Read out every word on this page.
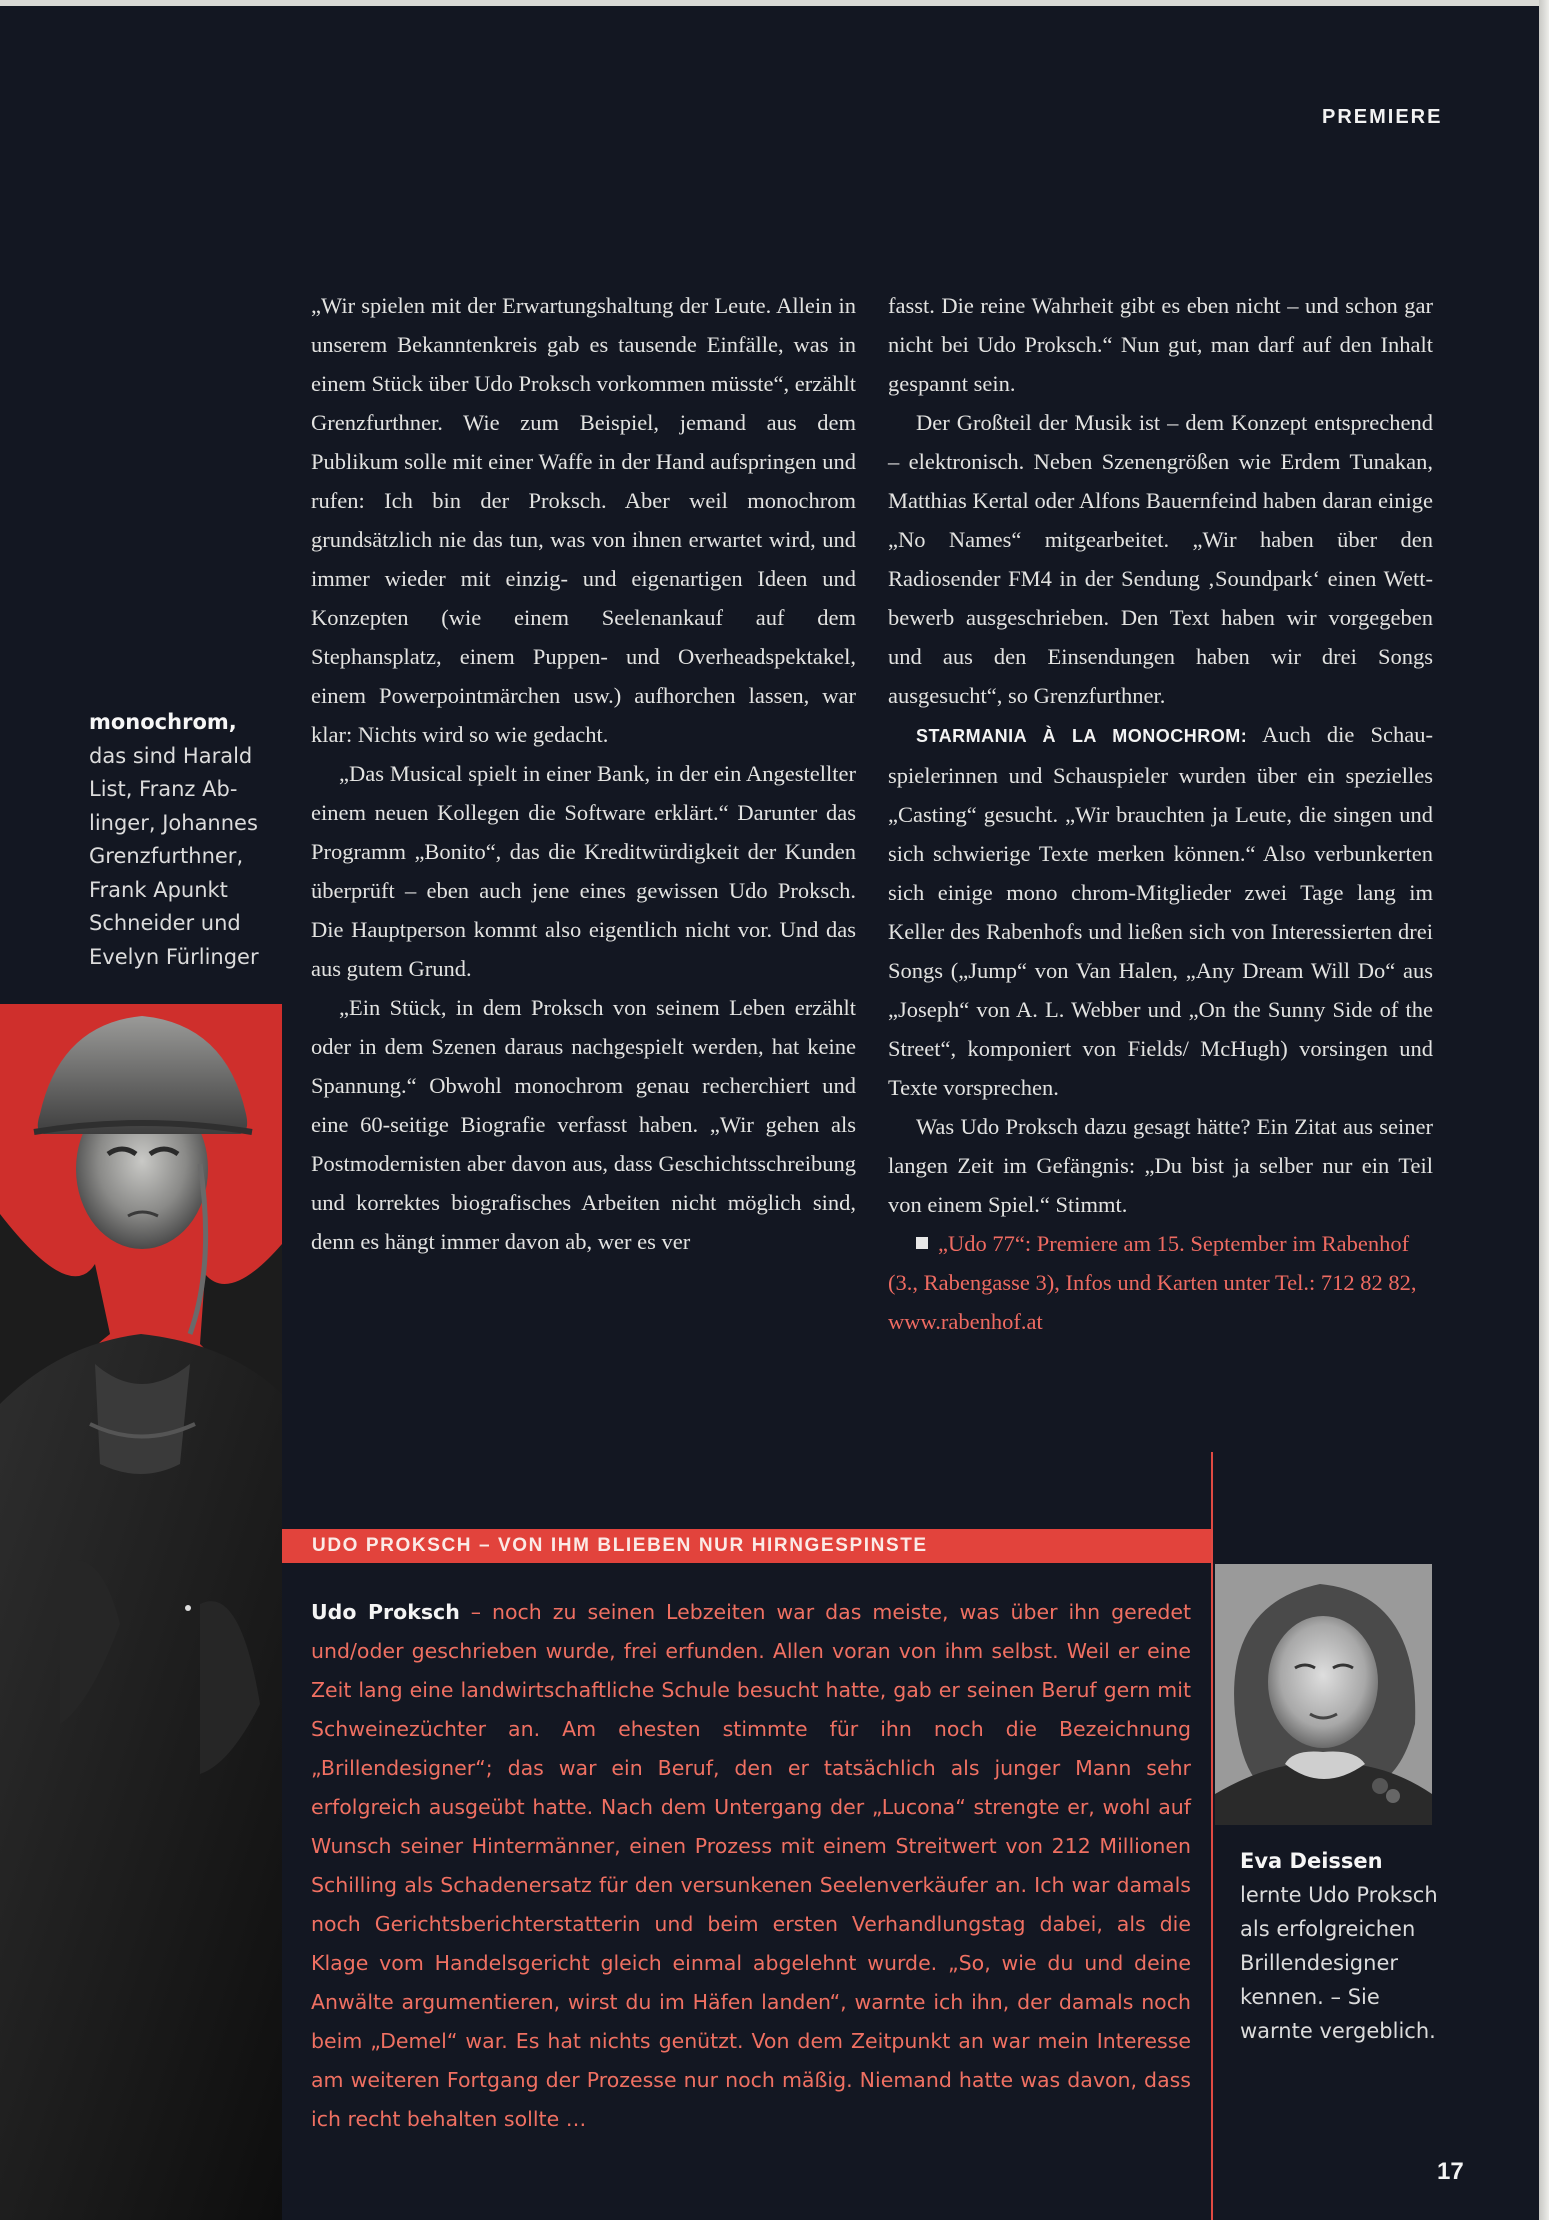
PREMIERE

„Wir spielen mit der Erwartungshaltung der Leute. Allein in unserem Bekanntenkreis gab es tausende Einfälle, was in einem Stück über Udo Proksch vorkommen müsste“, erzählt Grenzfurthner. Wie zum Beispiel, jemand aus dem Publikum solle mit einer Waffe in der Hand aufspringen und rufen: Ich bin der Proksch. Aber weil monochrom grundsätzlich nie das tun, was von ihnen erwartet wird, und immer wieder mit einzig- und eigenartigen Ideen und Konzepten (wie einem Seelenankauf auf dem Stephansplatz, einem Puppen- und Overheadspektakel, einem Powerpointmärchen usw.) aufhorchen lassen, war klar: Nichts wird so wie gedacht.

„Das Musical spielt in einer Bank, in der ein Angestellter einem neuen Kollegen die Software erklärt.“ Darunter das Programm „Bonito“, das die Kreditwürdigkeit der Kunden überprüft – eben auch jene eines gewissen Udo Proksch. Die Hauptperson kommt also eigentlich nicht vor. Und das aus gutem Grund.

„Ein Stück, in dem Proksch von seinem Leben erzählt oder in dem Szenen daraus nachgespielt werden, hat keine Spannung.“ Obwohl monochrom genau recherchiert und eine 60-seitige Biografie verfasst haben. „Wir gehen als Postmodernisten aber davon aus, dass Geschichtsschreibung und korrektes biografisches Arbeiten nicht möglich sind, denn es hängt immer davon ab, wer es ver

fasst. Die reine Wahrheit gibt es eben nicht – und schon gar nicht bei Udo Proksch.“ Nun gut, man darf auf den Inhalt gespannt sein.

Der Großteil der Musik ist – dem Konzept entsprechend – elektronisch. Neben Szenengrößen wie Erdem Tunakan, Matthias Kertal oder Alfons Bauernfeind haben daran einige „No Names“ mitgearbeitet. „Wir haben über den Radiosender FM4 in der Sendung ‚Soundpark‘ einen Wettbewerb ausgeschrieben. Den Text haben wir vorgegeben und aus den Einsendungen haben wir drei Songs ausgesucht“, so Grenzfurthner.

STARMANIA À LA MONOCHROM: Auch die Schauspielerinnen und Schauspieler wurden über ein spezielles „Casting“ gesucht. „Wir brauchten ja Leute, die singen und sich schwierige Texte merken können.“ Also verbunkerten sich einige mono chrom-Mitglieder zwei Tage lang im Keller des Rabenhofs und ließen sich von Interessierten drei Songs („Jump“ von Van Halen, „Any Dream Will Do“ aus „Joseph“ von A. L. Webber und „On the Sunny Side of the Street“, komponiert von Fields/ McHugh) vorsingen und Texte vorsprechen.

Was Udo Proksch dazu gesagt hätte? Ein Zitat aus seiner langen Zeit im Gefängnis: „Du bist ja selber nur ein Teil von einem Spiel.“ Stimmt.

„Udo 77“: Premiere am 15. September im Rabenhof (3., Rabengasse 3), Infos und Karten unter Tel.: 712 82 82, www.rabenhof.at

monochrom,
das sind Harald List, Franz Ablinger, Johannes Grenzfurthner, Frank Apunkt Schneider und Evelyn Fürlinger
UDO PROKSCH – VON IHM BLIEBEN NUR HIRNGESPINSTE
Udo Proksch – noch zu seinen Lebzeiten war das meiste, was über ihn geredet und/oder geschrieben wurde, frei erfunden. Allen voran von ihm selbst. Weil er eine Zeit lang eine landwirtschaftliche Schule besucht hatte, gab er seinen Beruf gern mit Schweinezüchter an. Am ehesten stimmte für ihn noch die Bezeichnung „Brillendesigner“; das war ein Beruf, den er tatsächlich als junger Mann sehr erfolgreich ausgeübt hatte. Nach dem Untergang der „Lucona“ strengte er, wohl auf Wunsch seiner Hintermänner, einen Prozess mit einem Streitwert von 212 Millionen Schilling als Schadenersatz für den versunkenen Seelenverkäufer an. Ich war damals noch Gerichtsberichterstatterin und beim ersten Verhandlungstag dabei, als die Klage vom Handelsgericht gleich einmal abgelehnt wurde. „So, wie du und deine Anwälte argumentieren, wirst du im Häfen landen“, warnte ich ihn, der damals noch beim „Demel“ war. Es hat nichts genützt. Von dem Zeitpunkt an war mein Interesse am weiteren Fortgang der Prozesse nur noch mäßig. Niemand hatte was davon, dass ich recht behalten sollte …
Eva Deissen
lernte Udo Proksch als erfolgreichen Brillendesigner kennen. – Sie warnte vergeblich.
17
